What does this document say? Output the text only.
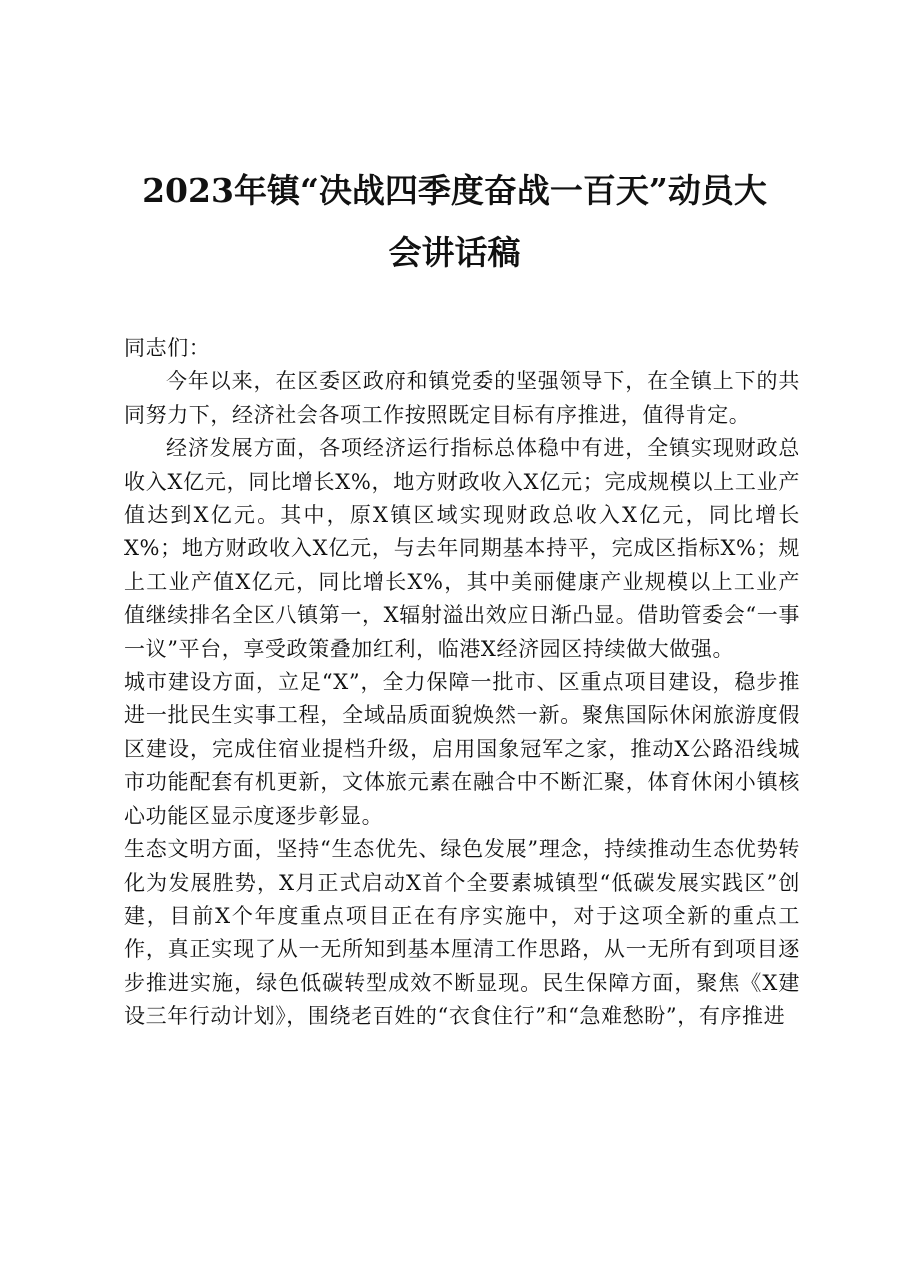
2023年镇“决战四季度奋战一百天”动员大
会讲话稿

同志们：

今年以来，在区委区政府和镇党委的坚强领导下，在全镇上下的共同努力下，经济社会各项工作按照既定目标有序推进，值得肯定。

经济发展方面，各项经济运行指标总体稳中有进，全镇实现财政总收入X亿元，同比增长X%，地方财政收入X亿元；完成规模以上工业产值达到X亿元。其中，原X镇区域实现财政总收入X亿元，同比增长X%；地方财政收入X亿元，与去年同期基本持平，完成区指标X%；规上工业产值X亿元，同比增长X%，其中美丽健康产业规模以上工业产值继续排名全区八镇第一，X辐射溢出效应日渐凸显。借助管委会“一事一议”平台，享受政策叠加红利，临港X经济园区持续做大做强。

城市建设方面，立足“X”，全力保障一批市、区重点项目建设，稳步推进一批民生实事工程，全域品质面貌焕然一新。聚焦国际休闲旅游度假区建设，完成住宿业提档升级，启用国象冠军之家，推动X公路沿线城市功能配套有机更新，文体旅元素在融合中不断汇聚，体育休闲小镇核心功能区显示度逐步彰显。

生态文明方面，坚持“生态优先、绿色发展”理念，持续推动生态优势转化为发展胜势，X月正式启动X首个全要素城镇型“低碳发展实践区”创建，目前X个年度重点项目正在有序实施中，对于这项全新的重点工作，真正实现了从一无所知到基本厘清工作思路，从一无所有到项目逐步推进实施，绿色低碳转型成效不断显现。民生保障方面，聚焦《X建设三年行动计划》，围绕老百姓的“衣食住行”和“急难愁盼”，有序推进
